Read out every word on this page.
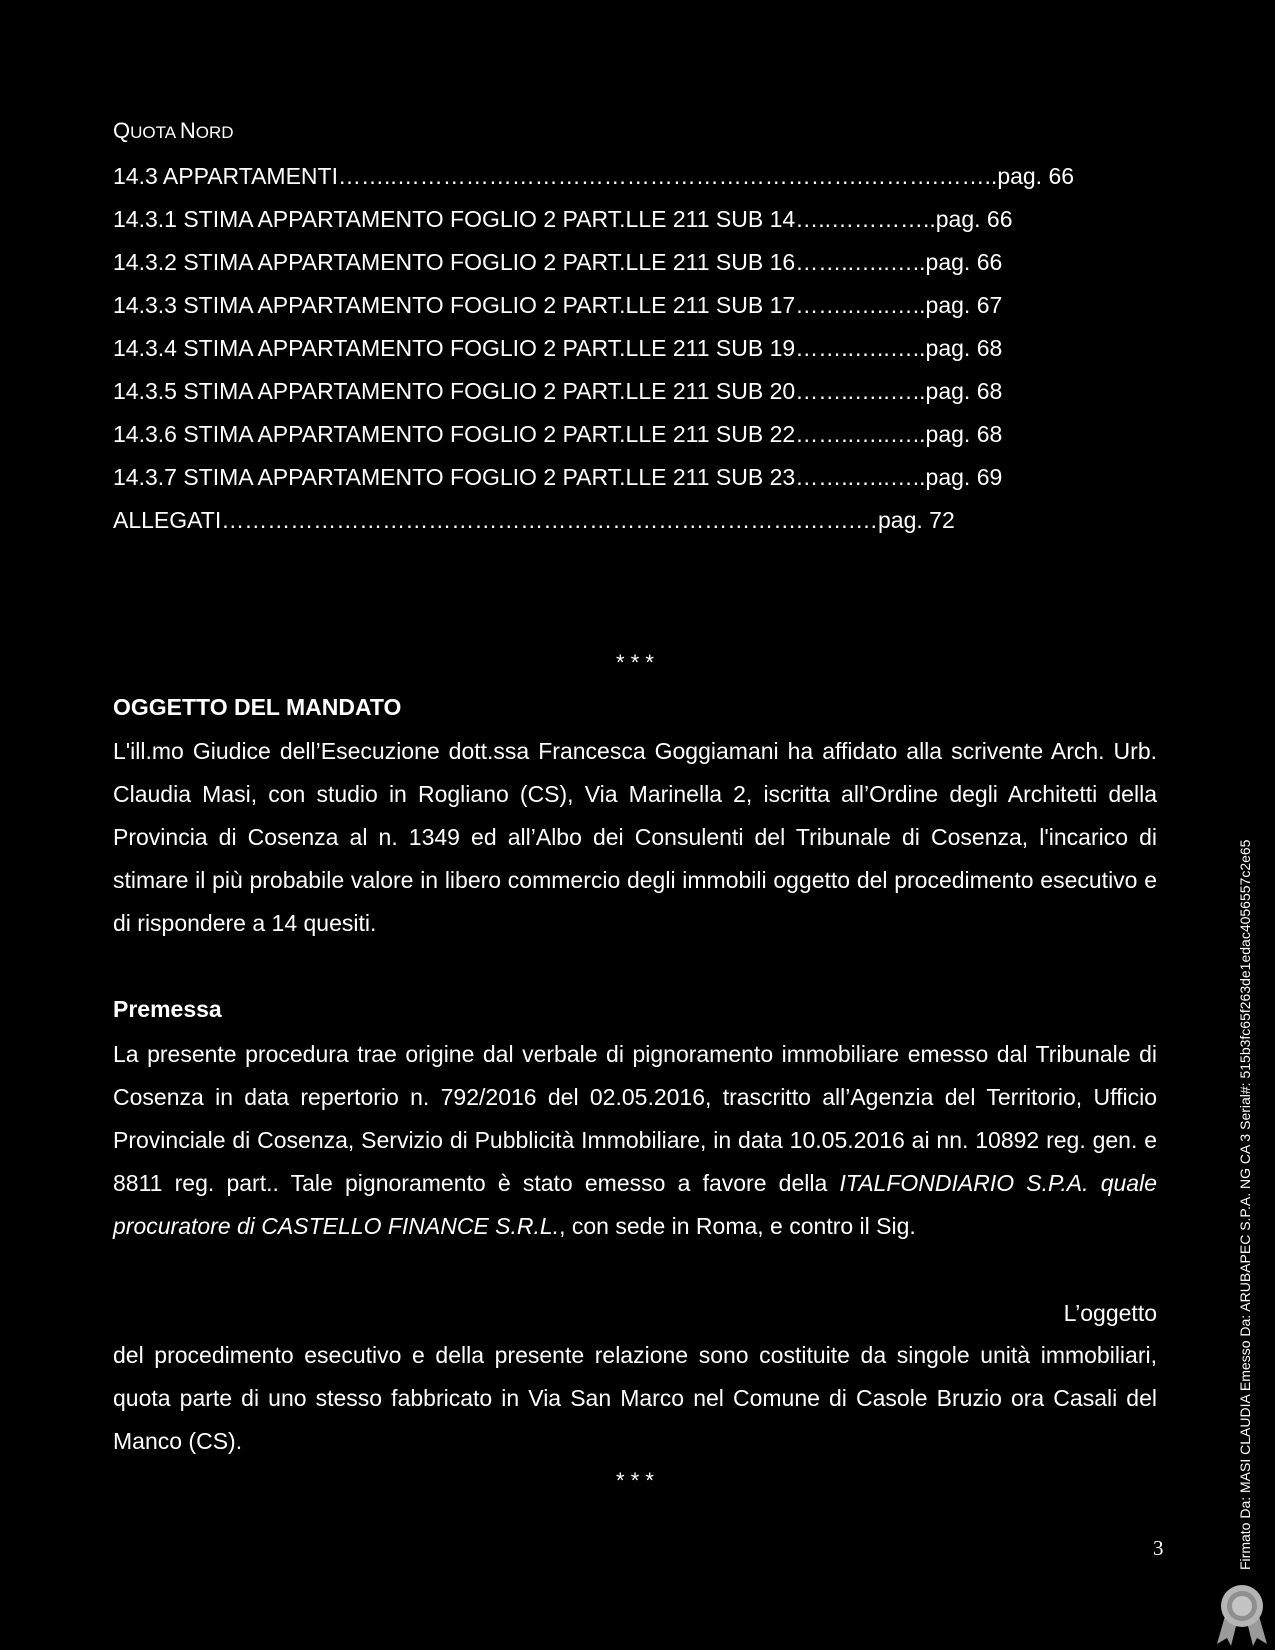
QUOTA NORD
14.3 APPARTAMENTI……..…………………………………………………….……….……..pag. 66
14.3.1 STIMA APPARTAMENTO FOGLIO 2 PART.LLE 211 SUB 14…..…………..pag. 66
14.3.2 STIMA APPARTAMENTO FOGLIO 2 PART.LLE 211 SUB 16……..…..…..pag. 66
14.3.3 STIMA APPARTAMENTO FOGLIO 2 PART.LLE 211 SUB 17……..…..…..pag. 67
14.3.4 STIMA APPARTAMENTO FOGLIO 2 PART.LLE 211 SUB 19……..…..…..pag. 68
14.3.5 STIMA APPARTAMENTO FOGLIO 2 PART.LLE 211 SUB 20……..…..…..pag. 68
14.3.6 STIMA APPARTAMENTO FOGLIO 2 PART.LLE 211 SUB 22……..…..…..pag. 68
14.3.7 STIMA APPARTAMENTO FOGLIO 2 PART.LLE 211 SUB 23……..…..…..pag. 69
ALLEGATI………………………………………………………………….…….…pag. 72
* * *
OGGETTO DEL MANDATO
L'ill.mo Giudice dell’Esecuzione dott.ssa Francesca Goggiamani ha affidato alla scrivente Arch. Urb. Claudia Masi, con studio in Rogliano (CS), Via Marinella 2, iscritta all’Ordine degli Architetti della Provincia di Cosenza al n. 1349 ed all’Albo dei Consulenti del Tribunale di Cosenza, l'incarico di stimare il più probabile valore in libero commercio degli immobili oggetto del procedimento esecutivo e di rispondere a 14 quesiti.
Premessa
La presente procedura trae origine dal verbale di pignoramento immobiliare emesso dal Tribunale di Cosenza in data repertorio n. 792/2016 del 02.05.2016, trascritto all’Agenzia del Territorio, Ufficio Provinciale di Cosenza, Servizio di Pubblicità Immobiliare, in data 10.05.2016 ai nn. 10892 reg. gen. e 8811 reg. part.. Tale pignoramento è stato emesso a favore della ITALFONDIARIO S.P.A. quale procuratore di CASTELLO FINANCE S.R.L., con sede in Roma, e contro il Sig.
L’oggetto
del procedimento esecutivo e della presente relazione sono costituite da singole unità immobiliari, quota parte di uno stesso fabbricato in Via San Marco nel Comune di Casole Bruzio ora Casali del Manco (CS).
* * *
3	Firmato Da: MASI CLAUDIA Emesso Da: ARUBAPEC S.P.A. NG CA 3 Serial#: 515b3fc65f263de1edac4056557c2e65
